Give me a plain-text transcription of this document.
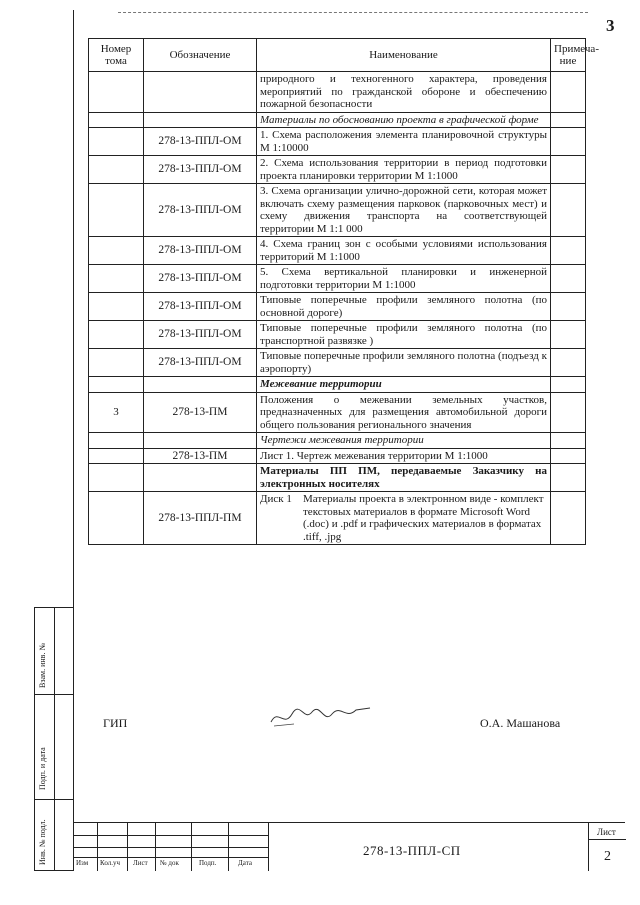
3
Номер тома	Обозначение	Наименование	Примеча-ние
		природного и техногенного характера, проведения мероприятий по гражданской обороне и обеспечению пожарной безопасности	
		Материалы по обоснованию проекта в графической форме	
	278-13-ППЛ-ОМ	1. Схема расположения элемента планировочной структуры М 1:10000	
	278-13-ППЛ-ОМ	2. Схема использования территории в период подготовки проекта планировки территории М 1:1000	
	278-13-ППЛ-ОМ	3. Схема организации улично-дорожной сети, которая может включать схему размещения парковок (парковочных мест) и схему движения транспорта на соответствующей территории М 1:1 000	
	278-13-ППЛ-ОМ	4. Схема границ зон с особыми условиями использования территорий М 1:1000	
	278-13-ППЛ-ОМ	5. Схема вертикальной планировки и инженерной подготовки территории М 1:1000	
	278-13-ППЛ-ОМ	Типовые поперечные профили земляного полотна (по основной дороге)	
	278-13-ППЛ-ОМ	Типовые поперечные профили земляного полотна (по транспортной развязке )	
	278-13-ППЛ-ОМ	Типовые поперечные профили земляного полотна (подъезд к аэропорту)	
		Межевание территории	
3	278-13-ПМ	Положения о межевании земельных участков, предназначенных для размещения автомобильной дороги общего пользования регионального значения	
		Чертежи межевания территории	
	278-13-ПМ	Лист 1. Чертеж межевания территории М 1:1000	
		Материалы ПП ПМ, передаваемые Заказчику на электронных носителях	
	278-13-ППЛ-ПМ	Диск 1 Материалы проекта в электронном виде - комплект текстовых материалов в формате Microsoft Word (.doc) и .pdf и графических материалов в форматах .tiff, .jpg	

ГИП	О.А. Машанова
Взам. инв. №
Подп. и дата
Инв. № подл.	Изм Кол.уч Лист № док	Подп.	Дата
278-13-ППЛ-СП
Лист
2
